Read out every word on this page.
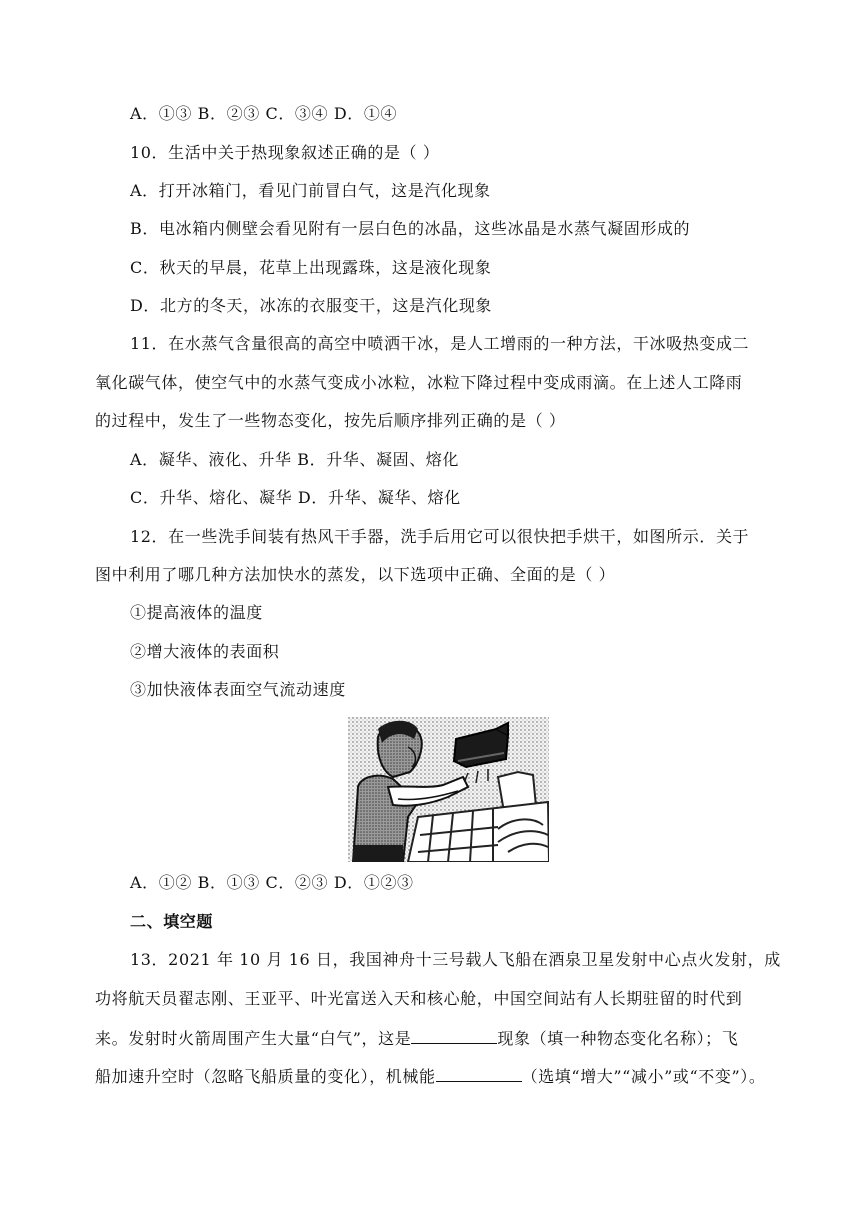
A．①③ B．②③ C．③④ D．①④
10．生活中关于热现象叙述正确的是（ ）
A．打开冰箱门，看见门前冒白气，这是汽化现象
B．电冰箱内侧壁会看见附有一层白色的冰晶，这些冰晶是水蒸气凝固形成的
C．秋天的早晨，花草上出现露珠，这是液化现象
D．北方的冬天，冰冻的衣服变干，这是汽化现象
11．在水蒸气含量很高的高空中喷洒干冰，是人工增雨的一种方法，干冰吸热变成二
氧化碳气体，使空气中的水蒸气变成小冰粒，冰粒下降过程中变成雨滴。在上述人工降雨
的过程中，发生了一些物态变化，按先后顺序排列正确的是（ ）
A．凝华、液化、升华 B．升华、凝固、熔化
C．升华、熔化、凝华 D．升华、凝华、熔化
12．在一些洗手间装有热风干手器，洗手后用它可以很快把手烘干，如图所示．关于
图中利用了哪几种方法加快水的蒸发，以下选项中正确、全面的是（ ）
①提高液体的温度
②增大液体的表面积
③加快液体表面空气流动速度
A．①② B．①③ C．②③ D．①②③
二、填空题
13．2021 年 10 月 16 日，我国神舟十三号载人飞船在酒泉卫星发射中心点火发射，成
功将航天员翟志刚、王亚平、叶光富送入天和核心舱，中国空间站有人长期驻留的时代到
来。发射时火箭周围产生大量“白气”，这是	现象（填一种物态变化名称）；飞
船加速升空时（忽略飞船质量的变化），机械能	（选填“增大”“减小”或“不变”）。
